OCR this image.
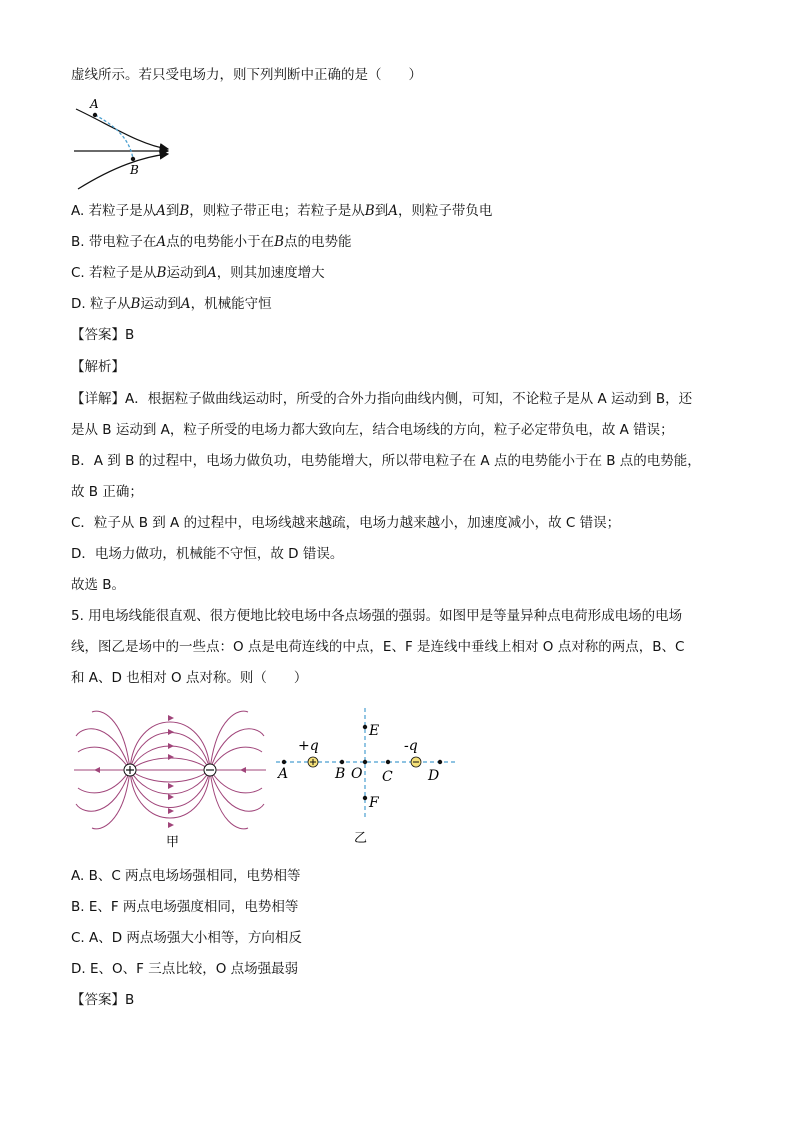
虚线所示。若只受电场力，则下列判断中正确的是（　　）
A
B
A. 若粒子是从A到B，则粒子带正电；若粒子是从B到A，则粒子带负电
B. 带电粒子在A点的电势能小于在B点的电势能
C. 若粒子是从B运动到A，则其加速度增大
D. 粒子从B运动到A，机械能守恒
【答案】B
【解析】
【详解】A．根据粒子做曲线运动时，所受的合外力指向曲线内侧，可知，不论粒子是从 A 运动到 B，还
是从 B 运动到 A，粒子所受的电场力都大致向左，结合电场线的方向，粒子必定带负电，故 A 错误；
B．A 到 B 的过程中，电场力做负功，电势能增大，所以带电粒子在 A 点的电势能小于在 B 点的电势能，
故 B 正确；
C．粒子从 B 到 A 的过程中，电场线越来越疏，电场力越来越小，加速度减小，故 C 错误；
D．电场力做功，机械能不守恒，故 D 错误。
故选 B。
5. 用电场线能很直观、很方便地比较电场中各点场强的强弱。如图甲是等量异种点电荷形成电场的电场
线，图乙是场中的一些点：O 点是电荷连线的中点，E、F 是连线中垂线上相对 O 点对称的两点，B、C
和 A、D 也相对 O 点对称。则（　　）
甲
+q	-q
A	B O C	D
E
F
乙
A. B、C 两点电场场强相同，电势相等
B. E、F 两点电场强度相同，电势相等
C. A、D 两点场强大小相等，方向相反
D. E、O、F 三点比较，O 点场强最弱
【答案】B
